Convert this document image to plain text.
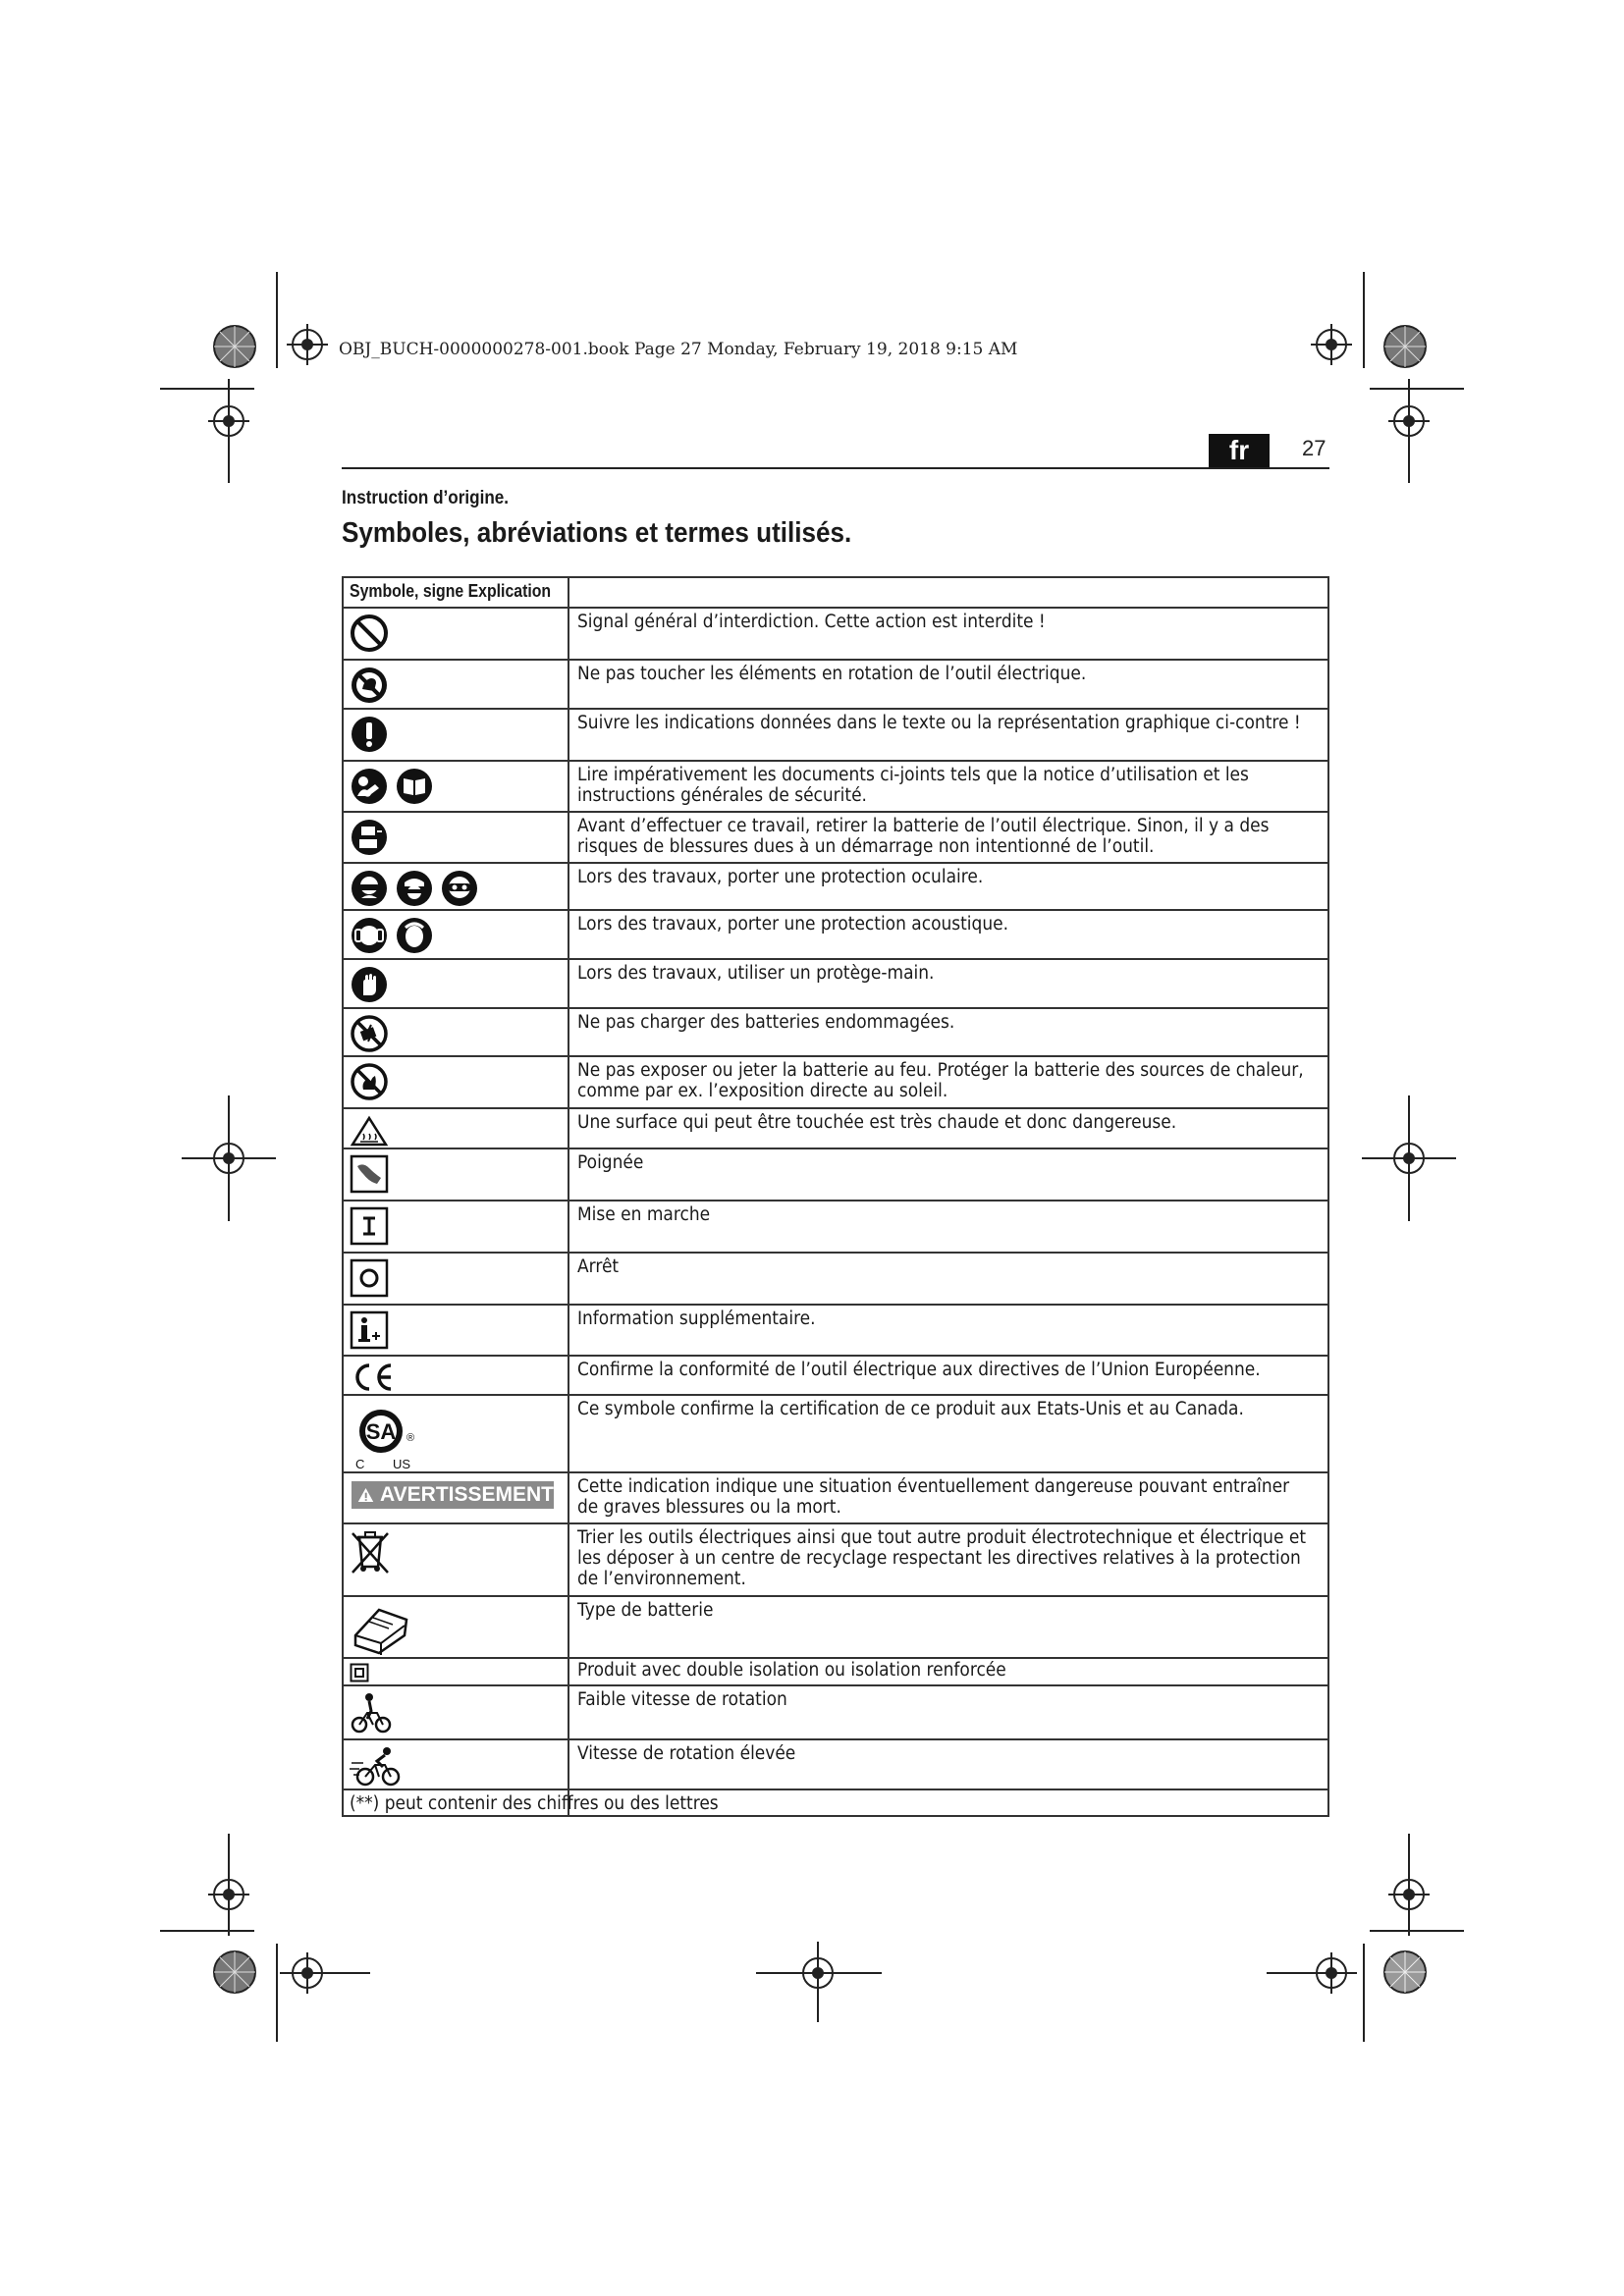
OBJ_BUCH-0000000278-001.book Page 27 Monday, February 19, 2018 9:15 AM
fr	27
Instruction d’origine.
Symboles, abréviations et termes utilisés.
Symbole, signe Explication	

	Signal général d’interdiction. Cette action est interdite !

	Ne pas toucher les éléments en rotation de l’outil électrique.

	Suivre les indications données dans le texte ou la représentation graphique ci-contre !

	Lire impérativement les documents ci-joints tels que la notice d’utilisation et les instructions générales de sécurité.

	Avant d’effectuer ce travail, retirer la batterie de l’outil électrique. Sinon, il y a des risques de blessures dues à un démarrage non intentionné de l’outil.

	Lors des travaux, porter une protection oculaire.

	Lors des travaux, porter une protection acoustique.

	Lors des travaux, utiliser un protège-main.

	Ne pas charger des batteries endommagées.

	Ne pas exposer ou jeter la batterie au feu. Protéger la batterie des sources de chaleur, comme par ex. l’exposition directe au soleil.

	Une surface qui peut être touchée est très chaude et donc dangereuse.

	Poignée

	Mise en marche

	Arrêt

	Information supplémentaire.

	Confirme la conformité de l’outil électrique aux directives de l’Union Européenne.

SA
C US
®	Ce symbole confirme la certification de ce produit aux Etats-Unis et au Canada.

AVERTISSEMENT	Cette indication indique une situation éventuellement dangereuse pouvant entraîner de graves blessures ou la mort.

	Trier les outils électriques ainsi que tout autre produit électrotechnique et électrique et les déposer à un centre de recyclage respectant les directives relatives à la protection de l’environnement.

	Type de batterie

	Produit avec double isolation ou isolation renforcée

	Faible vitesse de rotation

	Vitesse de rotation élevée

(**) peut contenir des chiffres ou des lettres	
